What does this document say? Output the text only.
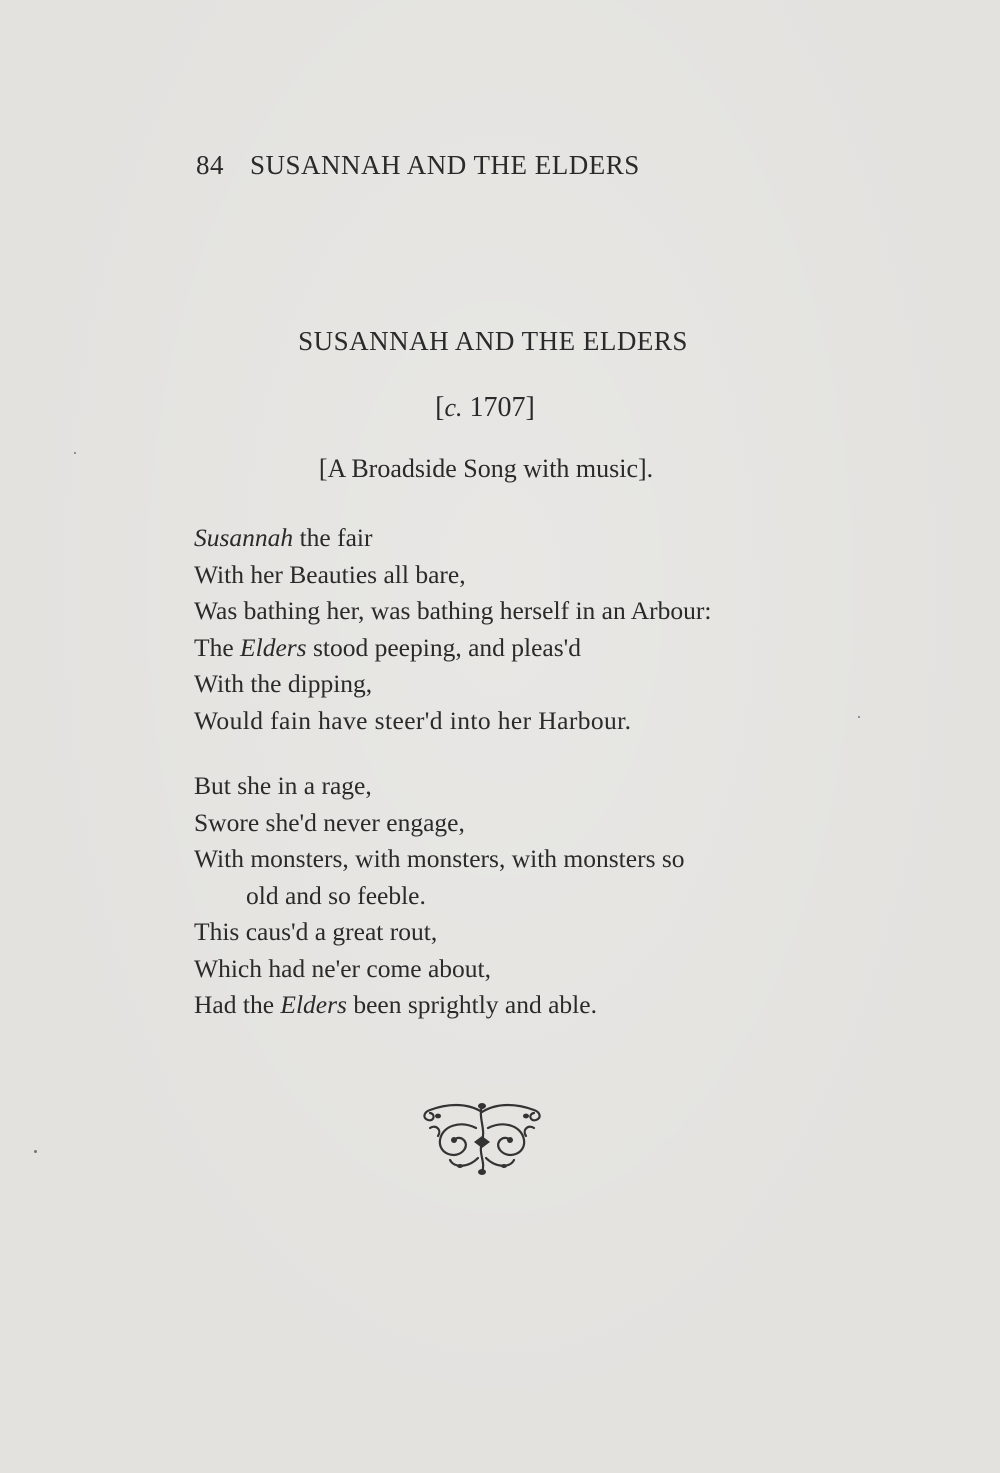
84 SUSANNAH AND THE ELDERS
SUSANNAH AND THE ELDERS
[c. 1707]
[A Broadside Song with music].
Susannah the fair
With her Beauties all bare,
Was bathing her, was bathing herself in an Arbour:
The Elders stood peeping, and pleas'd
With the dipping,
Would fain have steer'd into her Harbour.
But she in a rage,
Swore she'd never engage,
With monsters, with monsters, with monsters so
old and so feeble.
This caus'd a great rout,
Which had ne'er come about,
Had the Elders been sprightly and able.
